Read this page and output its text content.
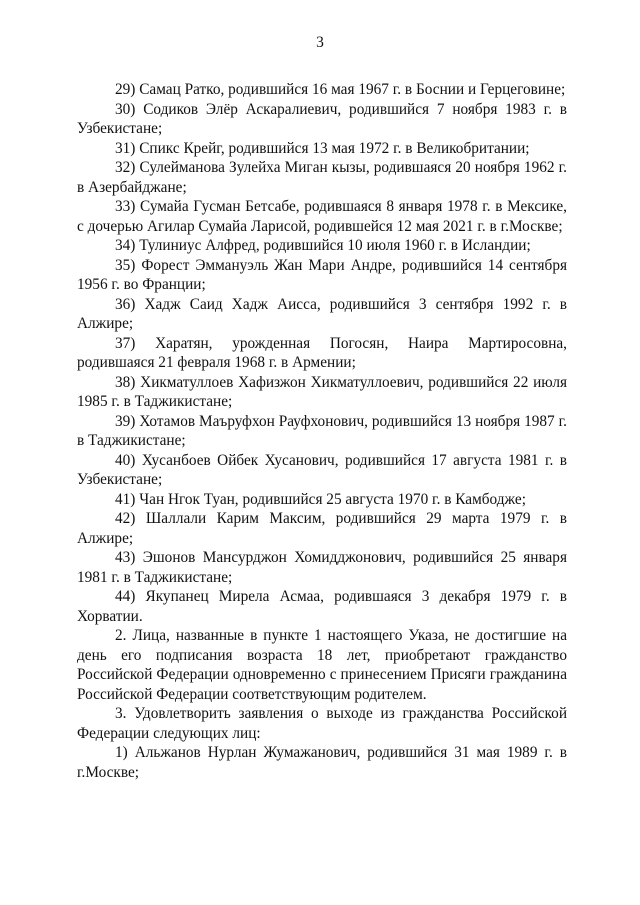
3

29) Самац Ратко, родившийся 16 мая 1967 г. в Боснии и Герцеговине;

30) Содиков Элёр Аскаралиевич, родившийся 7 ноября 1983 г. в Узбекистане;

31) Спикс Крейг, родившийся 13 мая 1972 г. в Великобритании;

32) Сулейманова Зулейха Миган кызы, родившаяся 20 ноября 1962 г. в Азербайджане;

33) Сумайа Гусман Бетсабе, родившаяся 8 января 1978 г. в Мексике, с дочерью Агилар Сумайа Ларисой, родившейся 12 мая 2021 г. в г.Москве;

34) Тулиниус Алфред, родившийся 10 июля 1960 г. в Исландии;

35) Форест Эммануэль Жан Мари Андре, родившийся 14 сентября 1956 г. во Франции;

36) Хадж Саид Хадж Аисса, родившийся 3 сентября 1992 г. в Алжире;

37) Харатян, урожденная Погосян, Наира Мартиросовна, родившаяся 21 февраля 1968 г. в Армении;

38) Хикматуллоев Хафизжон Хикматуллоевич, родившийся 22 июля 1985 г. в Таджикистане;

39) Хотамов Маъруфхон Рауфхонович, родившийся 13 ноября 1987 г. в Таджикистане;

40) Хусанбоев Ойбек Хусанович, родившийся 17 августа 1981 г. в Узбекистане;

41) Чан Нгок Туан, родившийся 25 августа 1970 г. в Камбодже;

42) Шаллали Карим Максим, родившийся 29 марта 1979 г. в Алжире;

43) Эшонов Мансурджон Хомидджонович, родившийся 25 января 1981 г. в Таджикистане;

44) Якупанец Мирела Асмаа, родившаяся 3 декабря 1979 г. в Хорватии.

2. Лица, названные в пункте 1 настоящего Указа, не достигшие на день его подписания возраста 18 лет, приобретают гражданство Российской Федерации одновременно с принесением Присяги гражданина Российской Федерации соответствующим родителем.

3. Удовлетворить заявления о выходе из гражданства Российской Федерации следующих лиц:

1) Альжанов Нурлан Жумажанович, родившийся 31 мая 1989 г. в г.Москве;
